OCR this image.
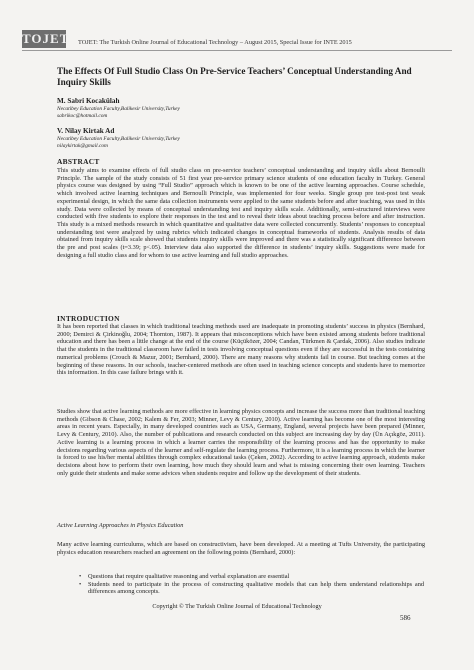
TOJET TOJET: The Turkish Online Journal of Educational Technology – August 2015, Special Issue for INTE 2015
The Effects Of Full Studio Class On Pre-Service Teachers’ Conceptual Understanding And Inquiry Skills
M. Sabri Kocakülah
Necatibey Education Faculty,Balikesir University,Turkey
sabrikoc@hotmail.com
V. Nilay Kirtak Ad
Necatibey Education Faculty,Balikesir University,Turkey
nilaykirtak@gmail.com
ABSTRACT

This study aims to examine effects of full studio class on pre-service teachers’ conceptual understanding and inquiry skills about Bernoulli Principle. The sample of the study consists of 51 first year pre-service primary science students of one education faculty in Turkey. General physics course was designed by using “Full Studio” approach which is known to be one of the active learning approaches. Course schedule, which involved active learning techniques and Bernoulli Principle, was implemented for four weeks. Single group pre test-post test weak experimental design, in which the same data collection instruments were applied to the same students before and after teaching, was used in this study. Data were collected by means of conceptual understanding test and inquiry skills scale. Additionally, semi-structured interviews were conducted with five students to explore their responses in the test and to reveal their ideas about teaching process before and after instruction. This study is a mixed methods research in which quantitative and qualitative data were collected concurrently. Students’ responses to conceptual understanding test were analyzed by using rubrics which indicated changes in conceptual frameworks of students. Analysis results of data obtained from inquiry skills scale showed that students inquiry skills were improved and there was a statistically significant difference between the pre and post scales (t=3.39; p<.05). Interview data also supported the difference in students’ inquiry skills. Suggestions were made for designing a full studio class and for whom to use active learning and full studio approaches.

INTRODUCTION

It has been reported that classes in which traditional teaching methods used are inadequate in promoting students’ success in physics (Bernhard, 2000; Demirci & Çirkinoğlu, 2004; Thornton, 1987). It appears that misconceptions which have been existed among students before traditional education and there has been a little change at the end of the course (Küçüközer, 2004; Candan, Türkmen & Çardak, 2006). Also studies indicate that the students in the traditional classroom have failed in tests involving conceptual questions even if they are successful in the tests containing numerical problems (Crouch & Mazur, 2001; Bernhard, 2000). There are many reasons why students fail in course. But teaching comes at the beginning of these reasons. In our schools, teacher-centered methods are often used in teaching science concepts and students have to memorize this information. In this case failure brings with it.

Studies show that active learning methods are more effective in learning physics concepts and increase the success more than traditional teaching methods (Gibson & Chase, 2002; Kalem & Fer, 2003; Minner, Levy & Century, 2010). Active learning has become one of the most interesting areas in recent years. Especially, in many developed countries such as USA, Germany, England, several projects have been prepared (Minner, Levy & Century, 2010). Also, the number of publications and research conducted on this subject are increasing day by day (Ün Açıkgöz, 2011). Active learning is a learning process in which a learner carries the responsibility of the learning process and has the opportunity to make decisions regarding various aspects of the learner and self-regulate the learning process. Furthermore, it is a learning process in which the learner is forced to use his/her mental abilities through complex educational tasks (Çeken, 2002). According to active learning approach, students make decisions about how to perform their own learning, how much they should learn and what is missing concerning their own learning. Teachers only guide their students and make some advices when students require and follow up the development of their students.

Active Learning Approaches in Physics Education

Many active learning curriculums, which are based on constructivism, have been developed. At a meeting at Tufts University, the participating physics education researchers reached an agreement on the following points (Bernhard, 2000):

• Questions that require qualitative reasoning and verbal explanation are essential
• Students need to participate in the process of constructing qualitative models that can help them understand relationships and differences among concepts.
Copyright © The Turkish Online Journal of Educational Technology
586
